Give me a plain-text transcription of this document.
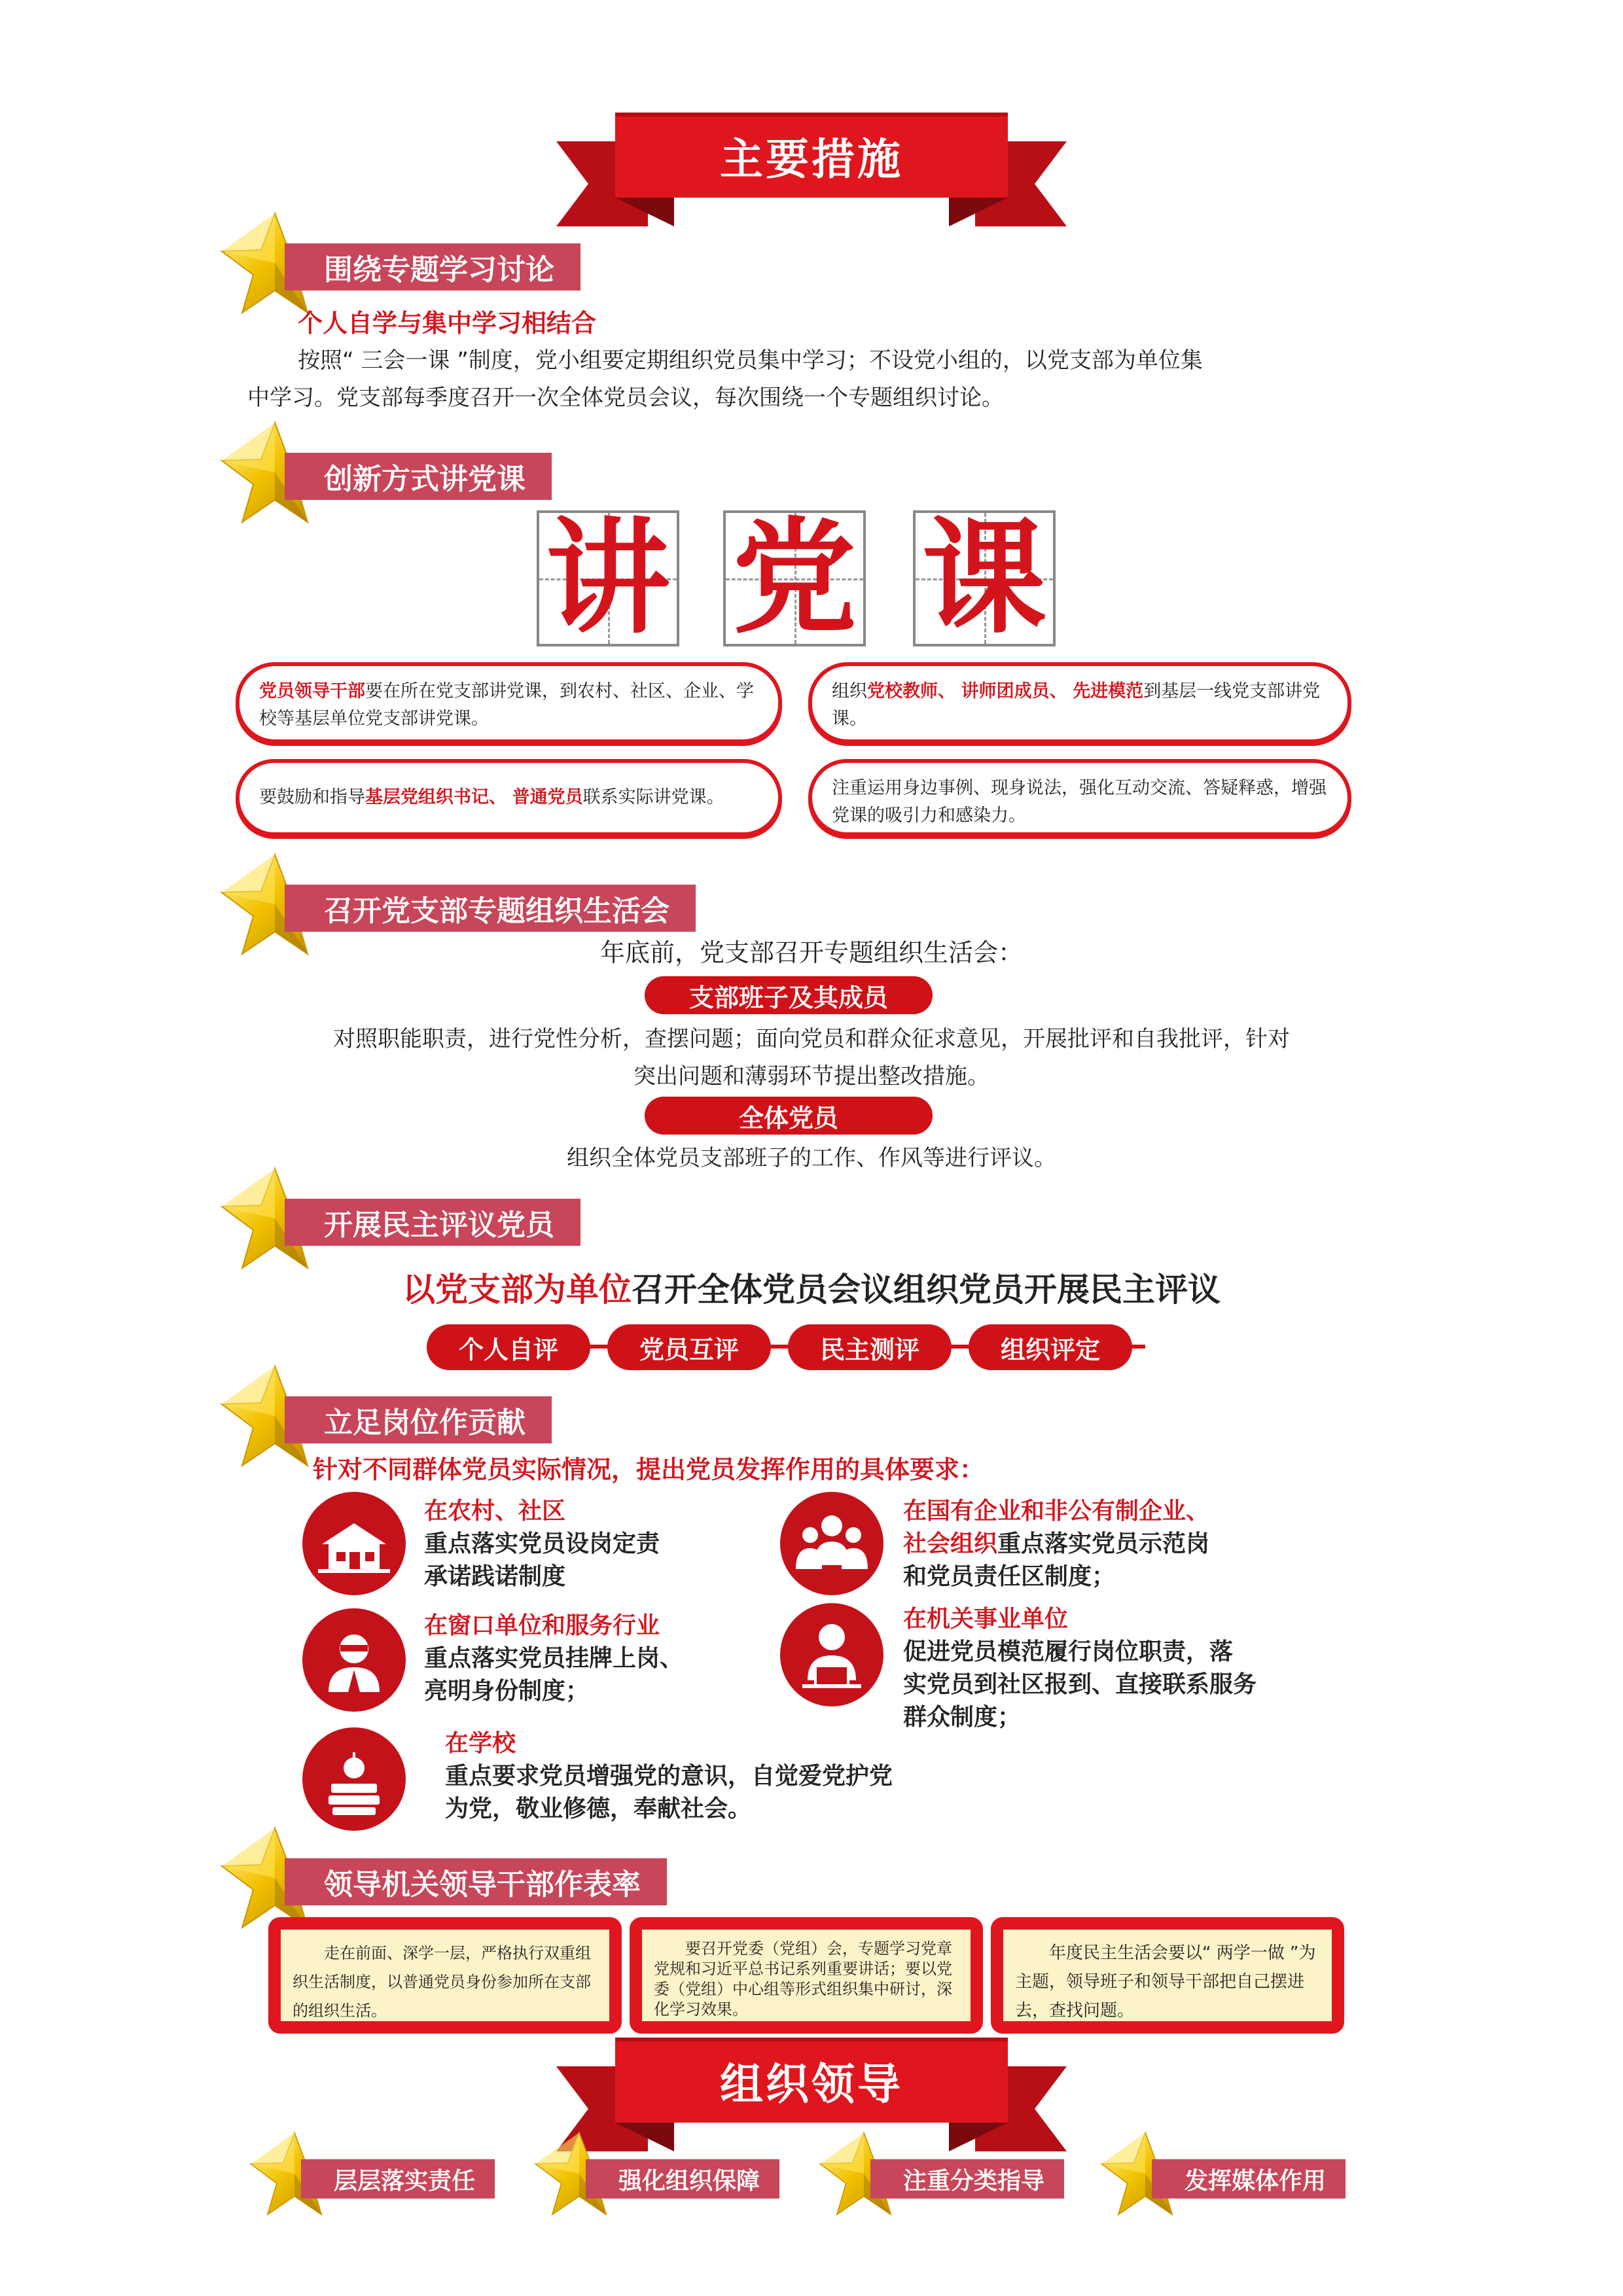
主要措施
围绕专题学习讨论
个人自学与集中学习相结合
按照“ 三会一课 ”制度，党小组要定期组织党员集中学习；不设党小组的，以党支部为单位集
中学习。党支部每季度召开一次全体党员会议，每次围绕一个专题组织讨论。
创新方式讲党课
讲 党 课
党员领导干部要在所在党支部讲党课，到农村、社区、企业、学校等基层单位党支部讲党课。
组织党校教师、 讲师团成员、 先进模范到基层一线党支部讲党课。
要鼓励和指导基层党组织书记、 普通党员联系实际讲党课。	注重运用身边事例、现身说法，强化互动交流、答疑释惑，增强党课的吸引力和感染力。
召开党支部专题组织生活会
年底前，党支部召开专题组织生活会：
支部班子及其成员
对照职能职责，进行党性分析，查摆问题；面向党员和群众征求意见，开展批评和自我批评，针对
突出问题和薄弱环节提出整改措施。
全体党员
组织全体党员支部班子的工作、作风等进行评议。
开展民主评议党员
以党支部为单位召开全体党员会议组织党员开展民主评议
个人自评	党员互评	民主测评	组织评定
立足岗位作贡献
针对不同群体党员实际情况，提出党员发挥作用的具体要求：
在农村、社区
重点落实党员设岗定责
承诺践诺制度
在国有企业和非公有制企业、
社会组织重点落实党员示范岗
和党员责任区制度；
在窗口单位和服务行业
重点落实党员挂牌上岗、
亮明身份制度；
在机关事业单位
促进党员模范履行岗位职责，落
实党员到社区报到、直接联系服务
群众制度；
在学校
重点要求党员增强党的意识，自觉爱党护党
为党，敬业修德，奉献社会。
领导机关领导干部作表率
走在前面、深学一层，严格执行双重组织生活制度，以普通党员身份参加所在支部的组织生活。
要召开党委（党组）会，专题学习党章党规和习近平总书记系列重要讲话；要以党委（党组）中心组等形式组织集中研讨，深化学习效果。
年度民主生活会要以“ 两学一做 ”为主题，领导班子和领导干部把自己摆进去，查找问题。
组织领导
层层落实责任	强化组织保障	注重分类指导	发挥媒体作用
